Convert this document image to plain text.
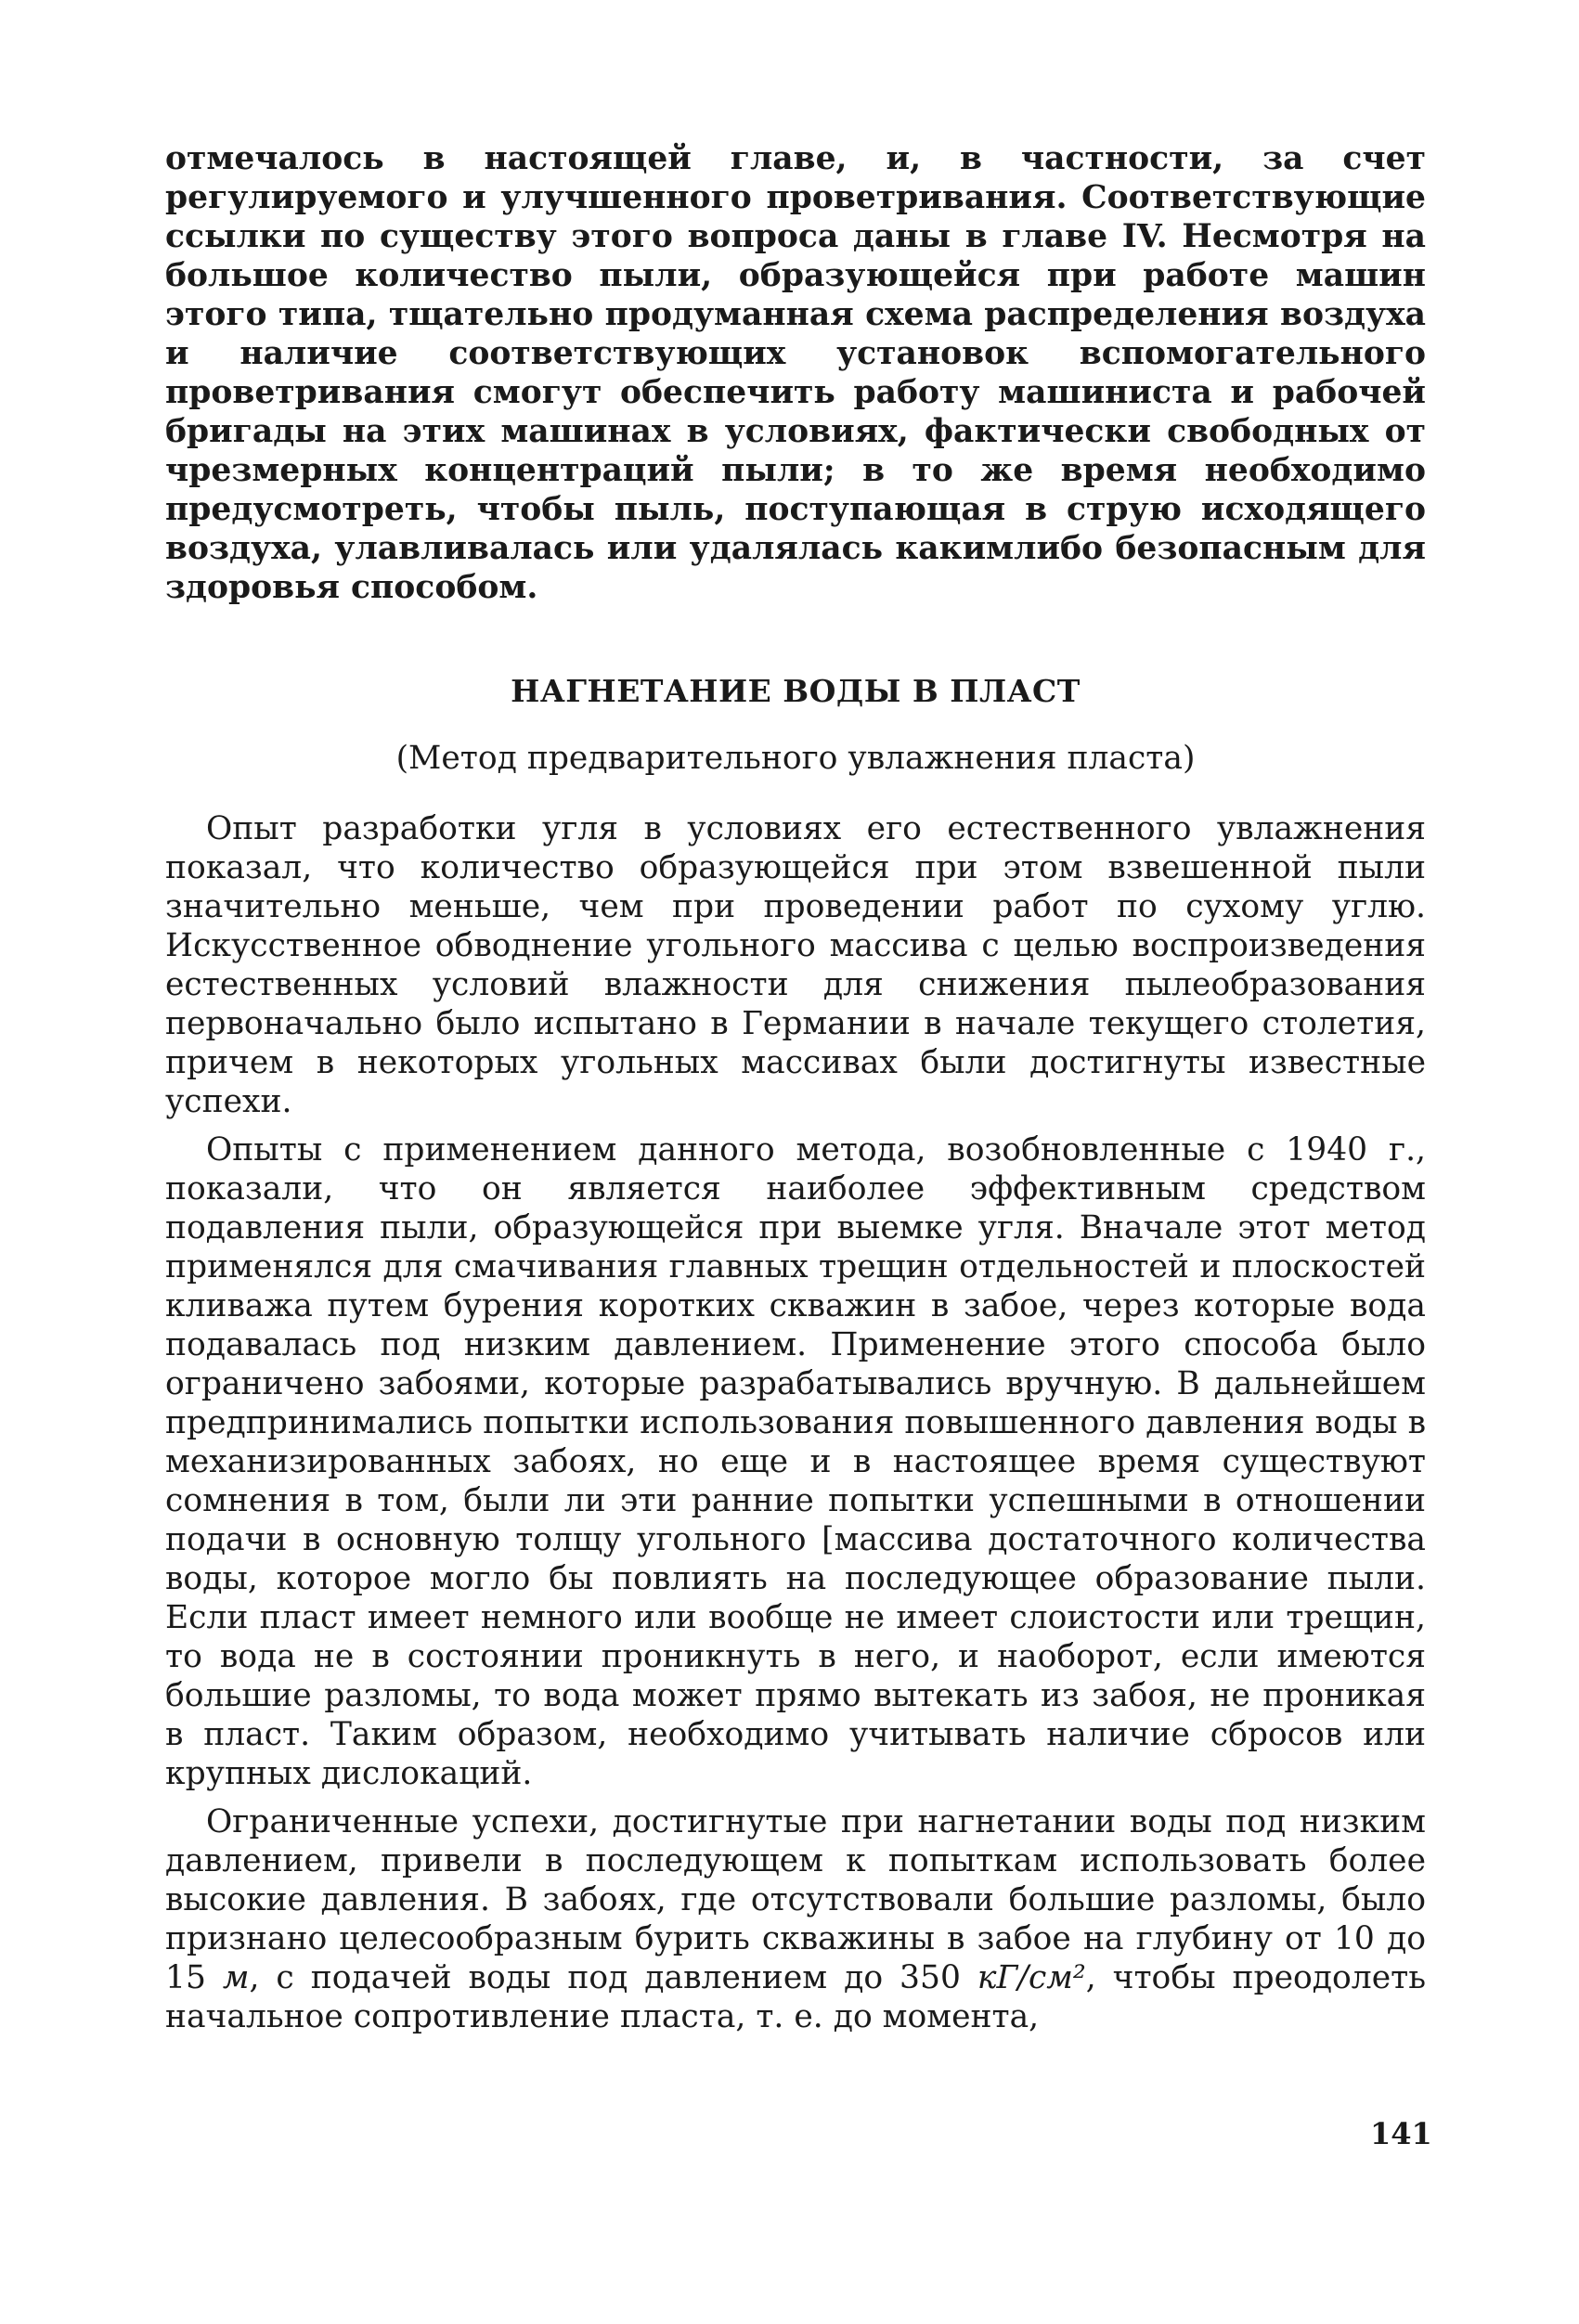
отмечалось в настоящей главе, и, в частности, за счет регулируемого и улучшенного проветривания. Соответствующие ссылки по существу этого вопроса даны в главе IV. Несмотря на большое количество пыли, образующейся при работе машин этого типа, тщательно продуманная схема распределения воздуха и наличие соответствующих установок вспомогательного проветривания смогут обеспечить работу машиниста и рабочей бригады на этих машинах в условиях, фактически свободных от чрезмерных концентраций пыли; в то же время необходимо предусмотреть, чтобы пыль, поступающая в струю исходящего воздуха, улавливалась или удалялась какимлибо безопасным для здоровья способом.

НАГНЕТАНИЕ ВОДЫ В ПЛАСТ
(Метод предварительного увлажнения пласта)

Опыт разработки угля в условиях его естественного увлажнения показал, что количество образующейся при этом взвешенной пыли значительно меньше, чем при проведении работ по сухому углю. Искусственное обводнение угольного массива с целью воспроизведения естественных условий влажности для снижения пылеобразования первоначально было испытано в Германии в начале текущего столетия, причем в некоторых угольных массивах были достигнуты известные успехи.

Опыты с применением данного метода, возобновленные с 1940 г., показали, что он является наиболее эффективным средством подавления пыли, образующейся при выемке угля. Вначале этот метод применялся для смачивания главных трещин отдельностей и плоскостей кливажа путем бурения коротких скважин в забое, через которые вода подавалась под низким давлением. Применение этого способа было ограничено забоями, которые разрабатывались вручную. В дальнейшем предпринимались попытки использования повышенного давления воды в механизированных забоях, но еще и в настоящее время существуют сомнения в том, были ли эти ранние попытки успешными в отношении подачи в основную толщу угольного [массива достаточного количества воды, которое могло бы повлиять на последующее образование пыли. Если пласт имеет немного или вообще не имеет слоистости или трещин, то вода не в состоянии проникнуть в него, и наоборот, если имеются большие разломы, то вода может прямо вытекать из забоя, не проникая в пласт. Таким образом, необходимо учитывать наличие сбросов или крупных дислокаций.

Ограниченные успехи, достигнутые при нагнетании воды под низким давлением, привели в последующем к попыткам использовать более высокие давления. В забоях, где отсутствовали большие разломы, было признано целесообразным бурить скважины в забое на глубину от 10 до 15 м, с подачей воды под давлением до 350 кГ/см², чтобы преодолеть начальное сопротивление пласта, т. е. до момента,

141
